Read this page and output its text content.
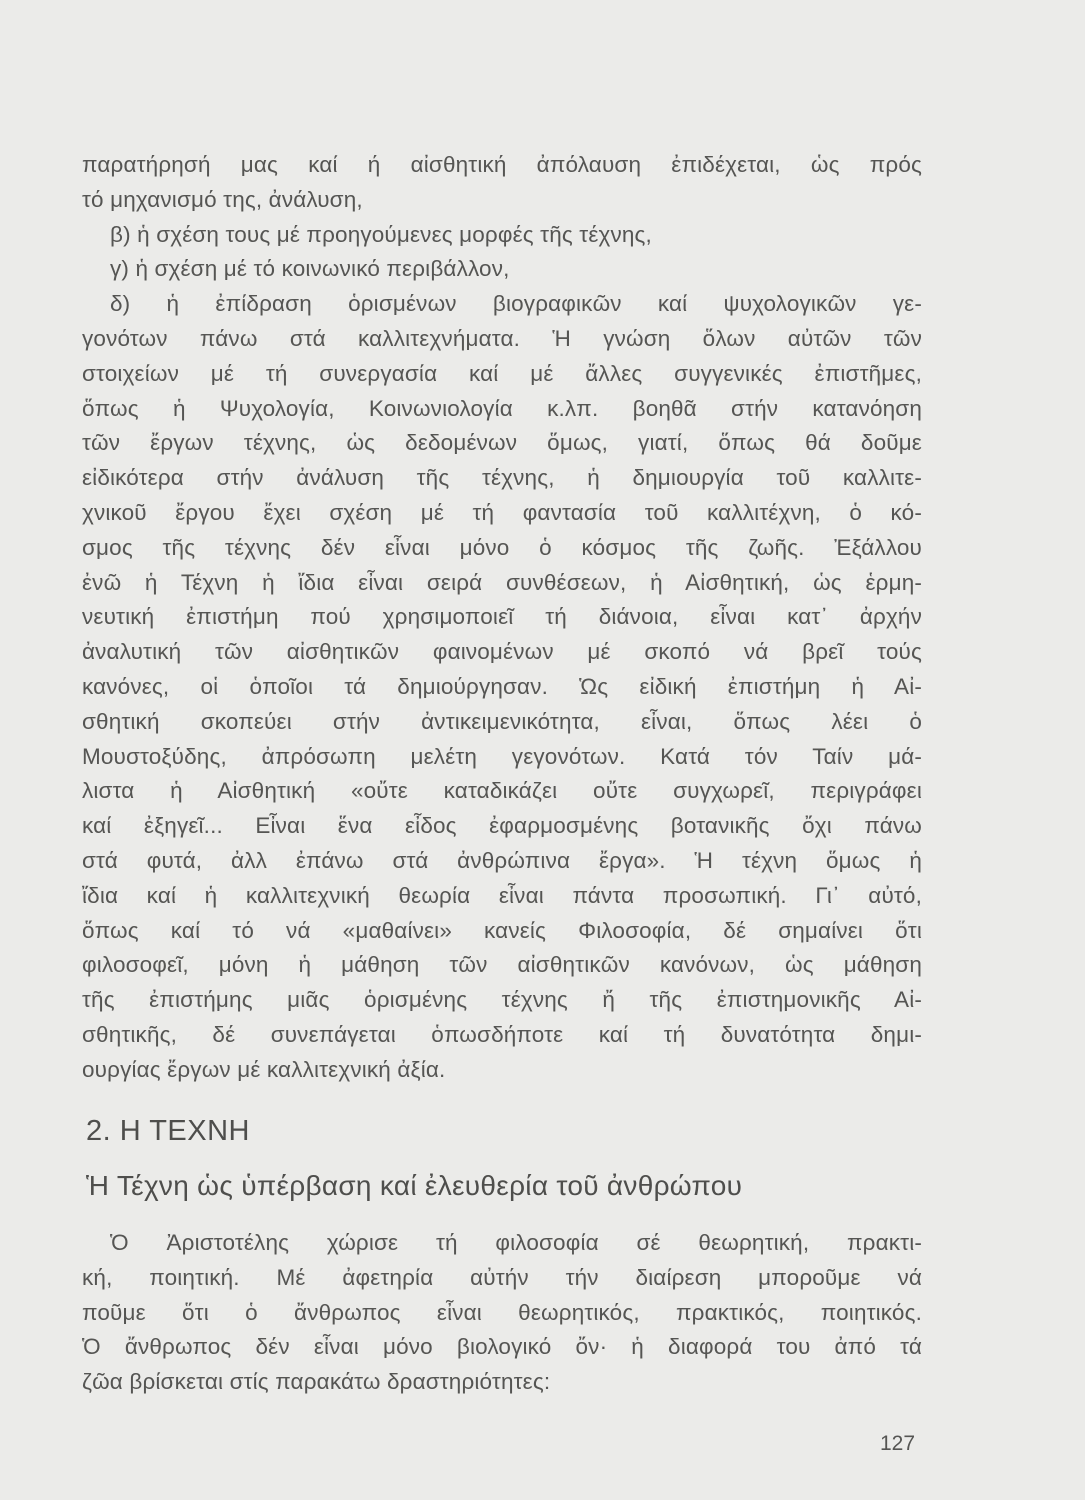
παρατήρησή μας καί ή αἰσθητική ἀπόλαυση ἐπιδέχεται, ὡς πρός
τό μηχανισμό της, ἀνάλυση,
β) ἡ σχέση τους μέ προηγούμενες μορφές τῆς τέχνης,
γ) ἡ σχέση μέ τό κοινωνικό περιβάλλον,
δ) ἡ ἐπίδραση ὁρισμένων βιογραφικῶν καί ψυχολογικῶν γε-
γονότων πάνω στά καλλιτεχνήματα. Ἡ γνώση ὅλων αὐτῶν τῶν
στοιχείων μέ τή συνεργασία καί μέ ἄλλες συγγενικές ἐπιστῆμες,
ὅπως ἡ Ψυχολογία, Κοινωνιολογία κ.λπ. βοηθᾶ στήν κατανόηση
τῶν ἔργων τέχνης, ὡς δεδομένων ὅμως, γιατί, ὅπως θά δοῦμε
εἰδικότερα στήν ἀνάλυση τῆς τέχνης, ἡ δημιουργία τοῦ καλλιτε-
χνικοῦ ἔργου ἔχει σχέση μέ τή φαντασία τοῦ καλλιτέχνη, ὁ κό-
σμος τῆς τέχνης δέν εἶναι μόνο ὁ κόσμος τῆς ζωῆς. Ἐξάλλου
ἐνῶ ἡ Τέχνη ἡ ἴδια εἶναι σειρά συνθέσεων, ἡ Αἰσθητική, ὡς ἑρμη-
νευτική ἐπιστήμη πού χρησιμοποιεῖ τή διάνοια, εἶναι κατ᾽ ἀρχήν
ἀναλυτική τῶν αἰσθητικῶν φαινομένων μέ σκοπό νά βρεῖ τούς
κανόνες, οἱ ὁποῖοι τά δημιούργησαν. Ὡς εἰδική ἐπιστήμη ἡ Αἰ-
σθητική σκοπεύει στήν ἀντικειμενικότητα, εἶναι, ὅπως λέει ὁ
Μουστοξύδης, ἀπρόσωπη μελέτη γεγονότων. Κατά τόν Ταίν μά-
λιστα ἡ Αἰσθητική «οὔτε καταδικάζει οὔτε συγχωρεῖ, περιγράφει
καί ἐξηγεῖ... Εἶναι ἕνα εἶδος ἐφαρμοσμένης βοτανικῆς ὄχι πάνω
στά φυτά, ἀλλ ἐπάνω στά ἀνθρώπινα ἔργα». Ἡ τέχνη ὅμως ἡ
ἴδια καί ἡ καλλιτεχνική θεωρία εἶναι πάντα προσωπική. Γι᾽ αὐτό,
ὅπως καί τό νά «μαθαίνει» κανείς Φιλοσοφία, δέ σημαίνει ὅτι
φιλοσοφεῖ, μόνη ἡ μάθηση τῶν αἰσθητικῶν κανόνων, ὡς μάθηση
τῆς ἐπιστήμης μιᾶς ὁρισμένης τέχνης ἤ τῆς ἐπιστημονικῆς Αἰ-
σθητικῆς, δέ συνεπάγεται ὁπωσδήποτε καί τή δυνατότητα δημι-
ουργίας ἔργων μέ καλλιτεχνική ἀξία.
2. Η ΤΕΧΝΗ
Ἡ Τέχνη ὡς ὑπέρβαση καί ἐλευθερία τοῦ ἀνθρώπου
Ὁ Ἀριστοτέλης χώρισε τή φιλοσοφία σέ θεωρητική, πρακτι-
κή, ποιητική. Μέ ἀφετηρία αὐτήν τήν διαίρεση μποροῦμε νά
ποῦμε ὅτι ὁ ἄνθρωπος εἶναι θεωρητικός, πρακτικός, ποιητικός.
Ὁ ἄνθρωπος δέν εἶναι μόνο βιολογικό ὄν· ἡ διαφορά του ἀπό τά
ζῶα βρίσκεται στίς παρακάτω δραστηριότητες:
127
